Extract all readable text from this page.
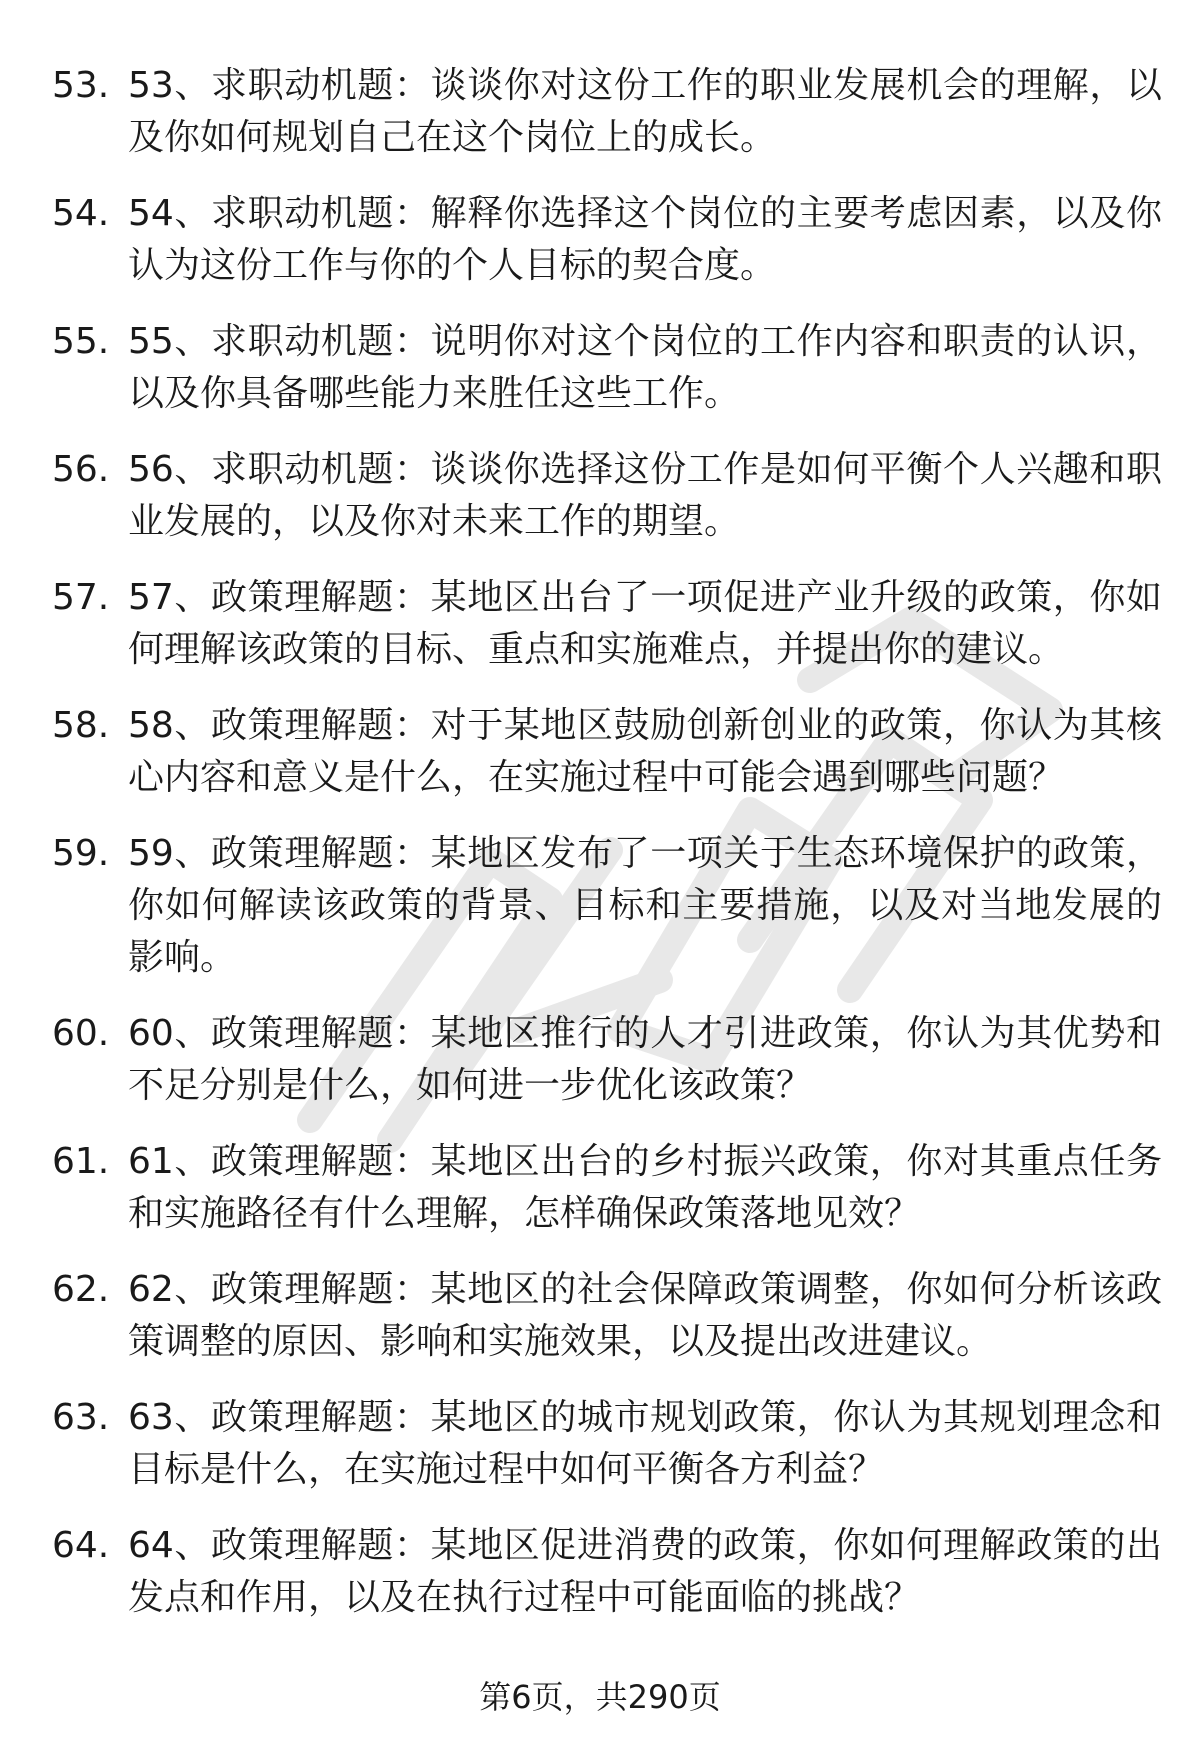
53. 53、求职动机题：谈谈你对这份工作的职业发展机会的理解，以及你如何规划自己在这个岗位上的成长。
54. 54、求职动机题：解释你选择这个岗位的主要考虑因素，以及你认为这份工作与你的个人目标的契合度。
55. 55、求职动机题：说明你对这个岗位的工作内容和职责的认识，以及你具备哪些能力来胜任这些工作。
56. 56、求职动机题：谈谈你选择这份工作是如何平衡个人兴趣和职业发展的，以及你对未来工作的期望。
57. 57、政策理解题：某地区出台了一项促进产业升级的政策，你如何理解该政策的目标、重点和实施难点，并提出你的建议。
58. 58、政策理解题：对于某地区鼓励创新创业的政策，你认为其核心内容和意义是什么，在实施过程中可能会遇到哪些问题？
59. 59、政策理解题：某地区发布了一项关于生态环境保护的政策，你如何解读该政策的背景、目标和主要措施，以及对当地发展的影响。
60. 60、政策理解题：某地区推行的人才引进政策，你认为其优势和不足分别是什么，如何进一步优化该政策？
61. 61、政策理解题：某地区出台的乡村振兴政策，你对其重点任务和实施路径有什么理解，怎样确保政策落地见效？
62. 62、政策理解题：某地区的社会保障政策调整，你如何分析该政策调整的原因、影响和实施效果，以及提出改进建议。
63. 63、政策理解题：某地区的城市规划政策，你认为其规划理念和目标是什么，在实施过程中如何平衡各方利益？
64. 64、政策理解题：某地区促进消费的政策，你如何理解政策的出发点和作用，以及在执行过程中可能面临的挑战？
第6页，共290页
